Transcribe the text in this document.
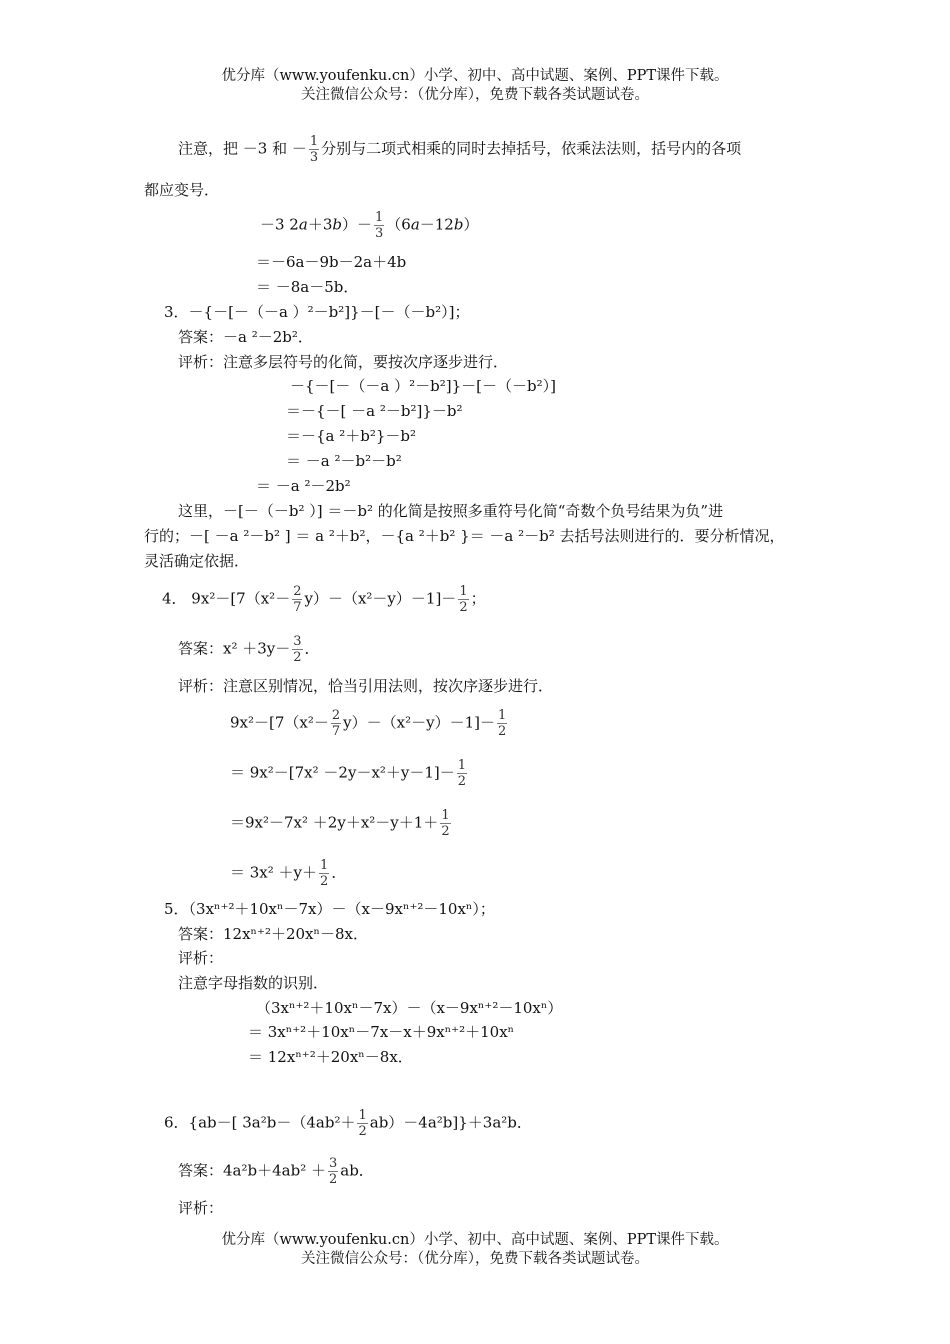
优分库（www.youfenku.cn）小学、初中、高中试题、案例、PPT课件下载。
关注微信公众号：（优分库），免费下载各类试题试卷。
注意，把 －3 和 － $\frac{1}{3}$ 分别与二项式相乘的同时去掉括号，依乘法法则，括号内的各项
都应变号．
－3 $2a+3b)- \frac{1}{3} (6a-12b)$
＝－6a－9b－2a＋4b
＝ －8a－5b．
3．－{－[－（－a ）²－b²]}－[－（－b²）]；
答案：－a ²－2b²．
评析：注意多层符号的化简，要按次序逐步进行．
－{－[－（－a ）²－b²]}－[－（－b²）]
＝－{－[ －a ²－b²]}－b²
＝－{a ²＋b²}－b²
＝ －a ²－b²－b²
＝ －a ²－2b²
这里，－[－（－b² ）] ＝－b² 的化简是按照多重符号化简“奇数个负号结果为负”进
行的；－[ －a ²－b² ] ＝ a ²＋b²，－{a ²＋b² }＝ －a ²－b² 去括号法则进行的．要分析情况，
灵活确定依据．
4． $9x^2-[7(x^2- \frac{2}{7} y)-(x^2-y)-1]- \frac{1}{2}$ ；
答案：$x^2 +3y- \frac{3}{2}$ ．
评析：注意区别情况，恰当引用法则，按次序逐步进行．
$9x^2-[7(x^2- \frac{2}{7} y)-(x^2-y)-1]- \frac{1}{2}$
＝ $9x^2-[7x^2 -2y-x^2+y-1]- \frac{1}{2}$
$=9x^2-7x^2 +2y+x^2-y+1+ \frac{1}{2}$
＝ $3x^2 +y+ \frac{1}{2}$ ．
5．（3xⁿ⁺²＋10xⁿ－7x）－（x－9xⁿ⁺²－10xⁿ）；
答案：12xⁿ⁺²＋20xⁿ－8x．
评析：
注意字母指数的识别．
（3xⁿ⁺²＋10xⁿ－7x）－（x－9xⁿ⁺²－10xⁿ）
＝ 3xⁿ⁺²＋10xⁿ－7x－x＋9xⁿ⁺²＋10xⁿ
＝ 12xⁿ⁺²＋20xⁿ－8x．
6．{ab－[ $3a^2b-(4ab^2+ \frac{1}{2} ab)-4a^2b]\}+3a^2b$．
答案：$4a^2b+4ab^2 + \frac{3}{2}$ ab．
评析：
优分库（www.youfenku.cn）小学、初中、高中试题、案例、PPT课件下载。
关注微信公众号：（优分库），免费下载各类试题试卷。
